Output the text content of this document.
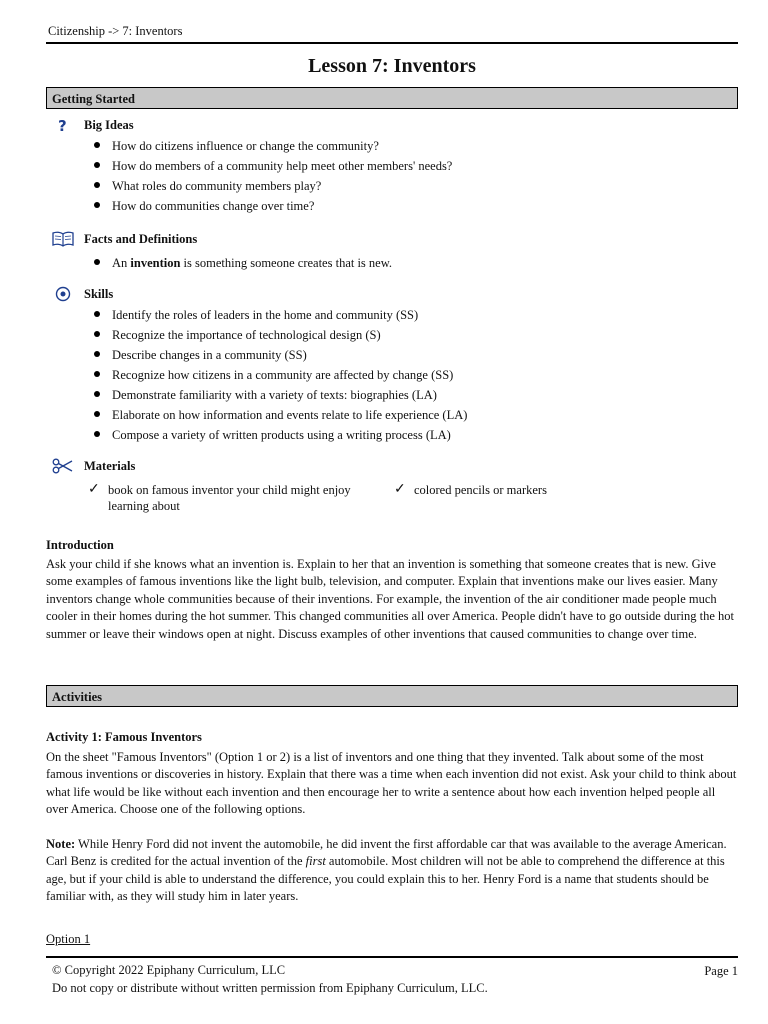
Citizenship -> 7: Inventors
Lesson 7: Inventors
Getting Started
? Big Ideas
How do citizens influence or change the community?
How do members of a community help meet other members' needs?
What roles do community members play?
How do communities change over time?
Facts and Definitions
An invention is something someone creates that is new.
Skills
Identify the roles of leaders in the home and community (SS)
Recognize the importance of technological design (S)
Describe changes in a community (SS)
Recognize how citizens in a community are affected by change (SS)
Demonstrate familiarity with a variety of texts: biographies (LA)
Elaborate on how information and events relate to life experience (LA)
Compose a variety of written products using a writing process (LA)
Materials
✓ book on famous inventor your child might enjoy
learning about
✓ colored pencils or markers
Introduction
Ask your child if she knows what an invention is. Explain to her that an invention is something that someone creates that is new. Give some examples of famous inventions like the light bulb, television, and computer. Explain that inventions make our lives easier. Many inventors change whole communities because of their inventions. For example, the invention of the air conditioner made people much cooler in their homes during the hot summer. This changed communities all over America. People didn't have to go outside during the hot summer or leave their windows open at night. Discuss examples of other inventions that caused communities to change over time.
Activities
Activity 1: Famous Inventors
On the sheet "Famous Inventors" (Option 1 or 2) is a list of inventors and one thing that they invented. Talk about some of the most famous inventions or discoveries in history. Explain that there was a time when each invention did not exist. Ask your child to think about what life would be like without each invention and then encourage her to write a sentence about how each invention helped people all over America. Choose one of the following options.
Note: While Henry Ford did not invent the automobile, he did invent the first affordable car that was available to the average American. Carl Benz is credited for the actual invention of the first automobile. Most children will not be able to comprehend the difference at this age, but if your child is able to understand the difference, you could explain this to her. Henry Ford is a name that students should be familiar with, as they will study him in later years.
Option 1
© Copyright 2022 Epiphany Curriculum, LLC
Do not copy or distribute without written permission from Epiphany Curriculum, LLC.
Page 1
